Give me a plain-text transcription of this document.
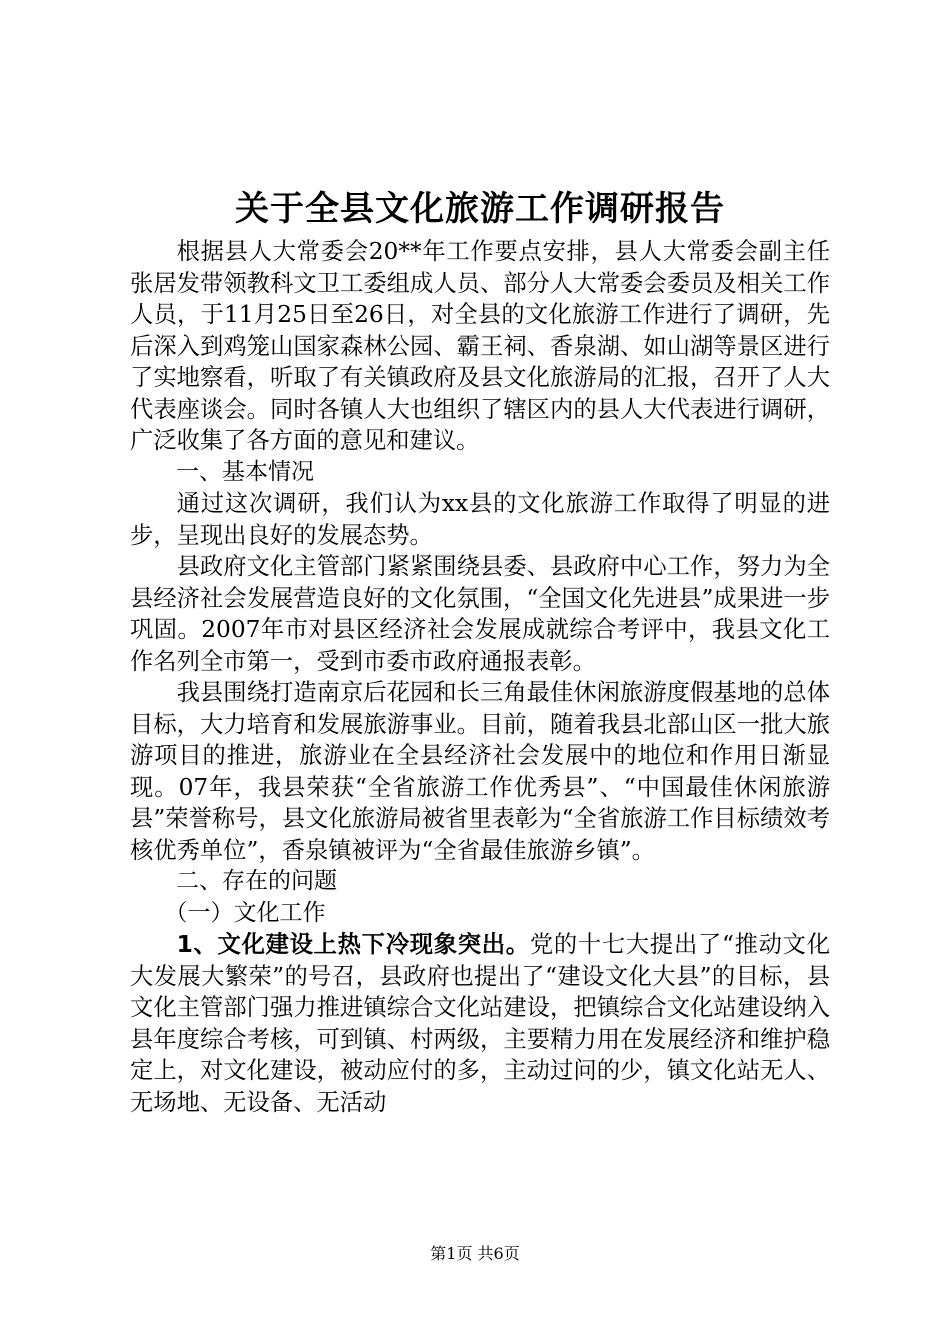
关于全县文化旅游工作调研报告

根据县人大常委会20**年工作要点安排，县人大常委会副主任张居发带领教科文卫工委组成人员、部分人大常委会委员及相关工作人员，于11月25日至26日，对全县的文化旅游工作进行了调研，先后深入到鸡笼山国家森林公园、霸王祠、香泉湖、如山湖等景区进行了实地察看，听取了有关镇政府及县文化旅游局的汇报，召开了人大代表座谈会。同时各镇人大也组织了辖区内的县人大代表进行调研，广泛收集了各方面的意见和建议。

一、基本情况

通过这次调研，我们认为xx县的文化旅游工作取得了明显的进步，呈现出良好的发展态势。

县政府文化主管部门紧紧围绕县委、县政府中心工作，努力为全县经济社会发展营造良好的文化氛围，“全国文化先进县”成果进一步巩固。2007年市对县区经济社会发展成就综合考评中，我县文化工作名列全市第一，受到市委市政府通报表彰。

我县围绕打造南京后花园和长三角最佳休闲旅游度假基地的总体目标，大力培育和发展旅游事业。目前，随着我县北部山区一批大旅游项目的推进，旅游业在全县经济社会发展中的地位和作用日渐显现。07年，我县荣获“全省旅游工作优秀县”、“中国最佳休闲旅游县”荣誉称号，县文化旅游局被省里表彰为“全省旅游工作目标绩效考核优秀单位”，香泉镇被评为“全省最佳旅游乡镇”。

二、存在的问题

（一）文化工作

1、文化建设上热下冷现象突出。党的十七大提出了“推动文化大发展大繁荣”的号召，县政府也提出了“建设文化大县”的目标，县文化主管部门强力推进镇综合文化站建设，把镇综合文化站建设纳入县年度综合考核，可到镇、村两级，主要精力用在发展经济和维护稳定上，对文化建设，被动应付的多，主动过问的少，镇文化站无人、无场地、无设备、无活动

第1页 共6页
